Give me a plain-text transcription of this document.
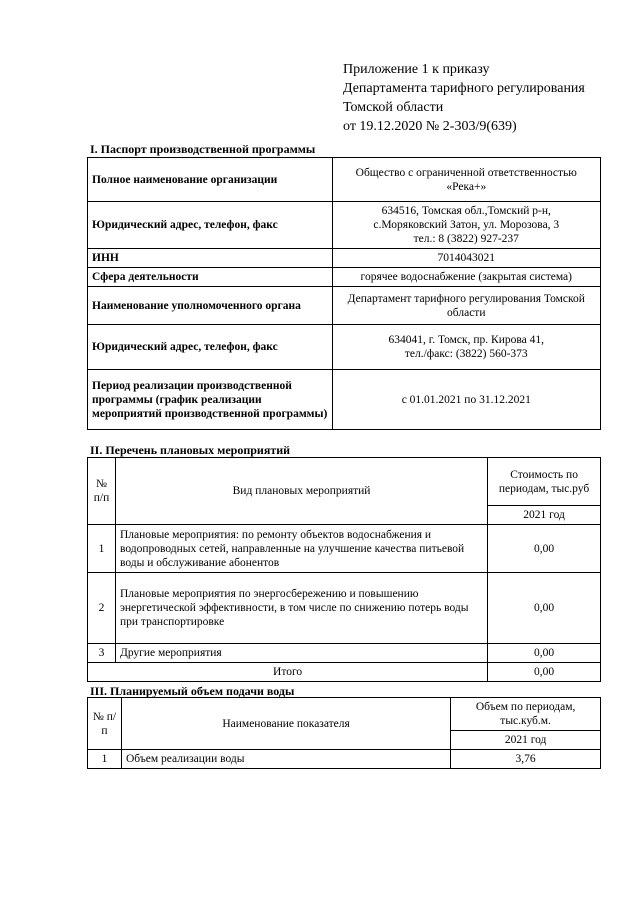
Приложение 1 к приказу
Департамента тарифного регулирования
Томской области
от 19.12.2020 № 2-303/9(639)
I. Паспорт производственной программы
Полное наименование организации	Общество с ограниченной ответственностью «Река+»
Юридический адрес, телефон, факс	634516, Томская обл.,Томский р-н,
с.Моряковский Затон, ул. Морозова, 3
тел.: 8 (3822) 927-237

ИНН	7014043021
Сфера деятельности	горячее водоснабжение (закрытая система)
Наименование уполномоченного органа	Департамент тарифного регулирования Томской области
Юридический адрес, телефон, факс	634041, г. Томск, пр. Кирова 41,
тел./факс: (3822) 560-373

Период реализации производственной программы (график реализации мероприятий производственной программы)	с 01.01.2021 по 31.12.2021
II. Перечень плановых мероприятий
№ п/п	Вид плановых мероприятий	Стоимость по периодам, тыс.руб
		2021 год
1	Плановые мероприятия: по ремонту объектов водоснабжения и водопроводных сетей, направленные на улучшение качества питьевой воды и обслуживание абонентов	0,00
2	Плановые мероприятия по энергосбережению и повышению энергетической эффективности, в том числе по снижению потерь воды при транспортировке	0,00
3	Другие мероприятия	0,00
Итого		0,00
III. Планируемый объем подачи воды
№ п/п	Наименование показателя	Объем по периодам, тыс.куб.м.
		2021 год
1	Объем реализации воды	3,76
